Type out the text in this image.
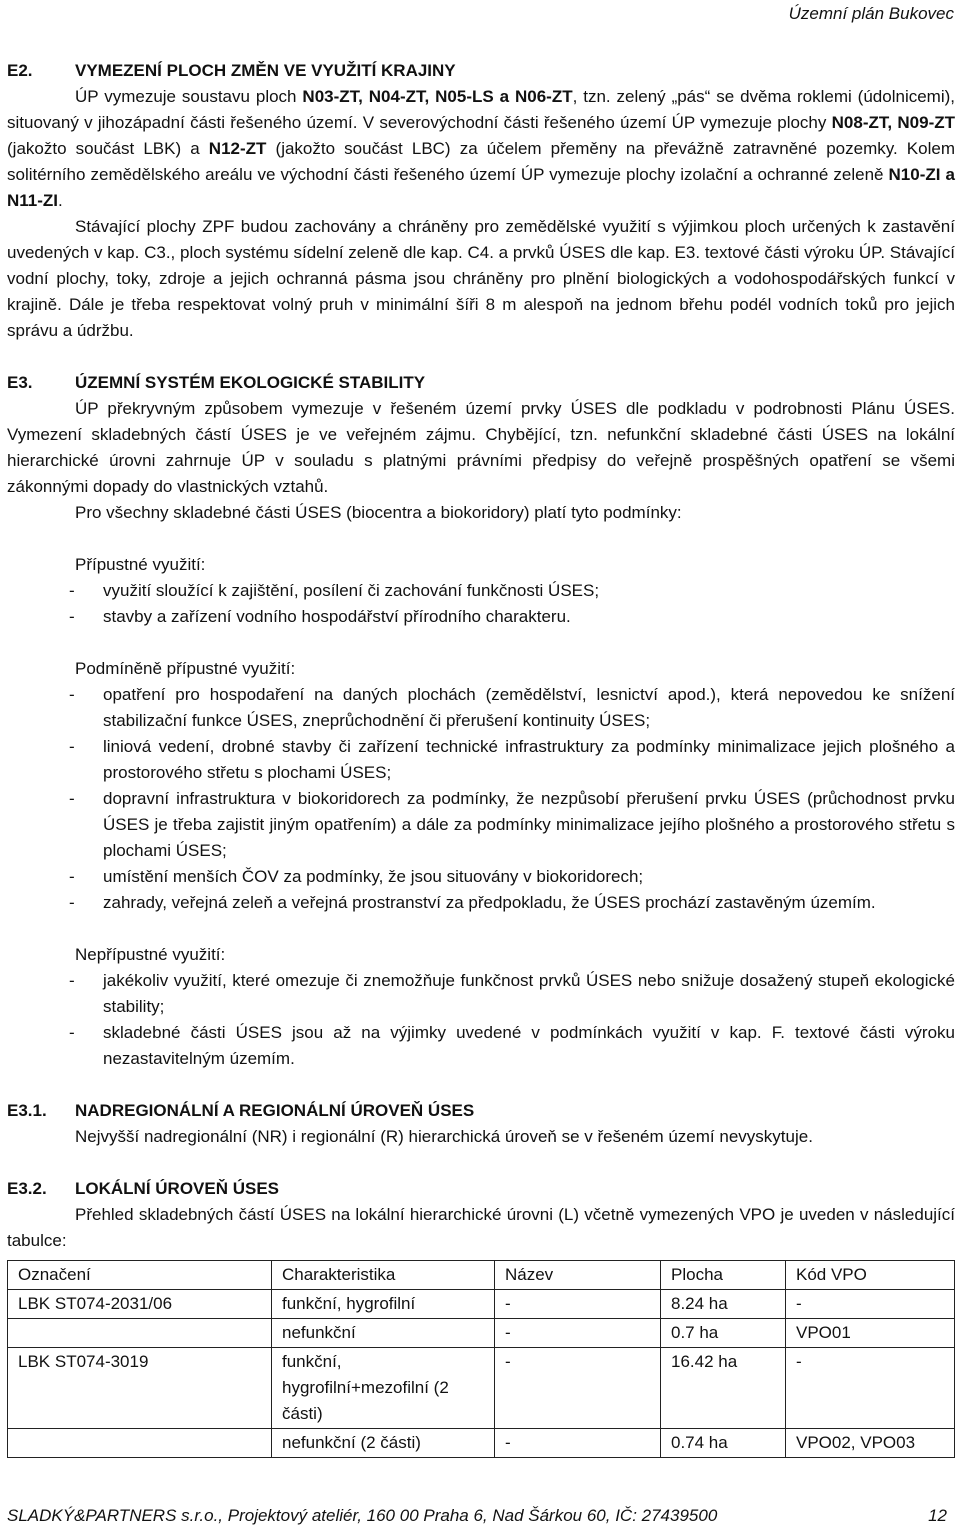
Územní plán Bukovec
E2.	VYMEZENÍ PLOCH ZMĚN VE VYUŽITÍ KRAJINY

ÚP vymezuje soustavu ploch N03-ZT, N04-ZT, N05-LS a N06-ZT, tzn. zelený „pás“ se dvěma roklemi (údolnicemi), situovaný v jihozápadní části řešeného území. V severovýchodní části řešeného území ÚP vymezuje plochy N08-ZT, N09-ZT (jakožto součást LBK) a N12-ZT (jakožto součást LBC) za účelem přeměny na převážně zatravněné pozemky. Kolem solitérního zemědělského areálu ve východní části řešeného území ÚP vymezuje plochy izolační a ochranné zeleně N10-ZI a N11-ZI.

Stávající plochy ZPF budou zachovány a chráněny pro zemědělské využití s výjimkou ploch určených k zastavění uvedených v kap. C3., ploch systému sídelní zeleně dle kap. C4. a prvků ÚSES dle kap. E3. textové části výroku ÚP. Stávající vodní plochy, toky, zdroje a jejich ochranná pásma jsou chráněny pro plnění biologických a vodohospodářských funkcí v krajině. Dále je třeba respektovat volný pruh v minimální šíři 8 m alespoň na jednom břehu podél vodních toků pro jejich správu a údržbu.

E3.	ÚZEMNÍ SYSTÉM EKOLOGICKÉ STABILITY

ÚP překryvným způsobem vymezuje v řešeném území prvky ÚSES dle podkladu v podrobnosti Plánu ÚSES. Vymezení skladebných částí ÚSES je ve veřejném zájmu. Chybějící, tzn. nefunkční skladebné části ÚSES na lokální hierarchické úrovni zahrnuje ÚP v souladu s platnými právními předpisy do veřejně prospěšných opatření se všemi zákonnými dopady do vlastnických vztahů.

Pro všechny skladebné části ÚSES (biocentra a biokoridory) platí tyto podmínky:

Přípustné využití:
-	využití sloužící k zajištění, posílení či zachování funkčnosti ÚSES;
-	stavby a zařízení vodního hospodářství přírodního charakteru.
Podmíněně přípustné využití:
-	opatření pro hospodaření na daných plochách (zemědělství, lesnictví apod.), která nepovedou ke snížení stabilizační funkce ÚSES, zneprůchodnění či přerušení kontinuity ÚSES;
-	liniová vedení, drobné stavby či zařízení technické infrastruktury za podmínky minimalizace jejich plošného a prostorového střetu s plochami ÚSES;
-	dopravní infrastruktura v biokoridorech za podmínky, že nezpůsobí přerušení prvku ÚSES (průchodnost prvku ÚSES je třeba zajistit jiným opatřením) a dále za podmínky minimalizace jejího plošného a prostorového střetu s plochami ÚSES;
-	umístění menších ČOV za podmínky, že jsou situovány v biokoridorech;
-	zahrady, veřejná zeleň a veřejná prostranství za předpokladu, že ÚSES prochází zastavěným územím.
Nepřípustné využití:
-	jakékoliv využití, které omezuje či znemožňuje funkčnost prvků ÚSES nebo snižuje dosažený stupeň ekologické stability;
-	skladebné části ÚSES jsou až na výjimky uvedené v podmínkách využití v kap. F. textové části výroku nezastavitelným územím.
E3.1.	NADREGIONÁLNÍ A REGIONÁLNÍ ÚROVEŇ ÚSES

Nejvyšší nadregionální (NR) i regionální (R) hierarchická úroveň se v řešeném území nevyskytuje.

E3.2.	LOKÁLNÍ ÚROVEŇ ÚSES

Přehled skladebných částí ÚSES na lokální hierarchické úrovni (L) včetně vymezených VPO je uveden v následující tabulce:

Označení	Charakteristika	Název	Plocha	Kód VPO
LBK ST074-2031/06	funkční, hygrofilní	-	8.24 ha	-
	nefunkční	-	0.7 ha	VPO01
LBK ST074-3019	funkční, hygrofilní+mezofilní (2 části)	-	16.42 ha	-
	nefunkční (2 části)	-	0.74 ha	VPO02, VPO03
SLADKÝ&PARTNERS s.r.o., Projektový ateliér, 160 00 Praha 6, Nad Šárkou 60, IČ: 27439500	12
